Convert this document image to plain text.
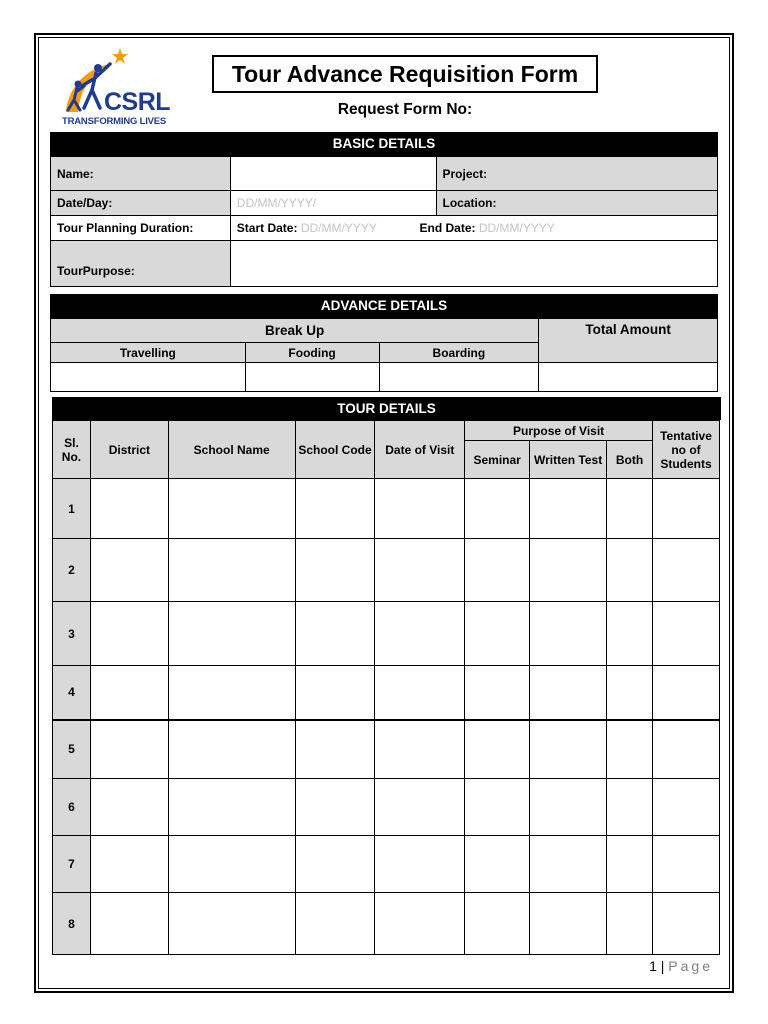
CSRL
TRANSFORMING LIVES
Tour Advance Requisition Form
Request Form No:
BASIC DETAILS
Name:		Project:
Date/Day:	DD/MM/YYYY/	Location:
Tour Planning Duration:	Start Date: DD/MM/YYYY End Date: DD/MM/YYYY	
TourPurpose:		
ADVANCE DETAILS
Break Up			Total Amount
Travelling	Fooding	Boarding	

TOUR DETAILS
Sl. No.	District	School Name	School Code	Date of Visit	Purpose of Visit			Tentative no of Students
					Seminar	Written Test	Both	
1								
2								
3								
4								
5								
6								
7								
8								
1 | Page
